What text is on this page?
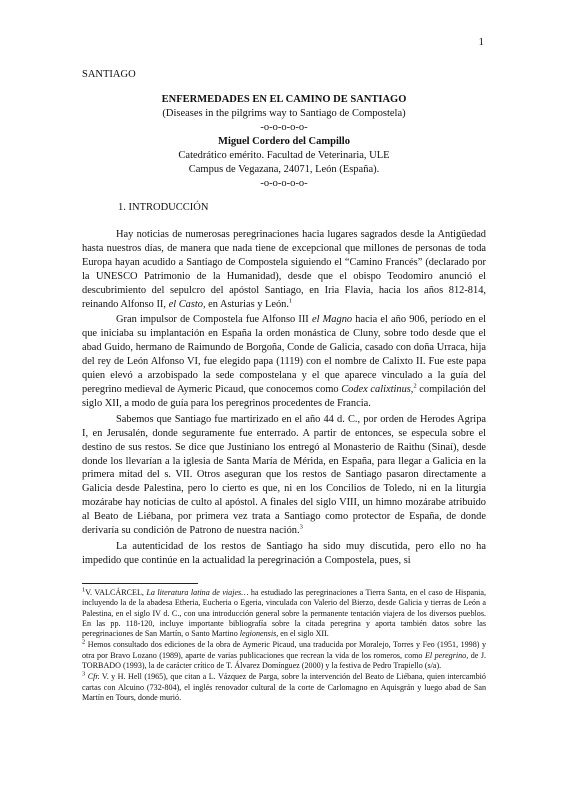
1
SANTIAGO
ENFERMEDADES EN EL CAMINO DE SANTIAGO
(Diseases in the pilgrims way to Santiago de Compostela)
-o-o-o-o-o-
Miguel Cordero del Campillo
Catedrático emérito. Facultad de Veterinaria, ULE
Campus de Vegazana, 24071, León (España).
-o-o-o-o-o-
1. INTRODUCCIÓN

Hay noticias de numerosas peregrinaciones hacia lugares sagrados desde la Antigüedad hasta nuestros días, de manera que nada tiene de excepcional que millones de personas de toda Europa hayan acudido a Santiago de Compostela siguiendo el “Camino Francés” (declarado por la UNESCO Patrimonio de la Humanidad), desde que el obispo Teodomiro anunció el descubrimiento del sepulcro del apóstol Santiago, en Iria Flavia, hacia los años 812-814, reinando Alfonso II, el Casto, en Asturias y León.$^1$

Gran impulsor de Compostela fue Alfonso III el Magno hacia el año 906, período en el que iniciaba su implantación en España la orden monástica de Cluny, sobre todo desde que el abad Guido, hermano de Raimundo de Borgoña, Conde de Galicia, casado con doña Urraca, hija del rey de León Alfonso VI, fue elegido papa (1119) con el nombre de Calixto II. Fue este papa quien elevó a arzobispado la sede compostelana y el que aparece vinculado a la guía del peregrino medieval de Aymeric Picaud, que conocemos como Codex calixtinus,$^2$ compilación del siglo XII, a modo de guía para los peregrinos procedentes de Francia.

Sabemos que Santiago fue martirizado en el año 44 d. C., por orden de Herodes Agripa I, en Jerusalén, donde seguramente fue enterrado. A partir de entonces, se especula sobre el destino de sus restos. Se dice que Justiniano los entregó al Monasterio de Raithu (Sinaí), desde donde los llevarían a la iglesia de Santa María de Mérida, en España, para llegar a Galicia en la primera mitad del s. VII. Otros aseguran que los restos de Santiago pasaron directamente a Galicia desde Palestina, pero lo cierto es que, ni en los Concilios de Toledo, ni en la liturgia mozárabe hay noticias de culto al apóstol. A finales del siglo VIII, un himno mozárabe atribuido al Beato de Liébana, por primera vez trata a Santiago como protector de España, de donde derivaría su condición de Patrono de nuestra nación.$^3$

La autenticidad de los restos de Santiago ha sido muy discutida, pero ello no ha impedido que continúe en la actualidad la peregrinación a Compostela, pues, si

$^1$V. VALCÁRCEL, La literatura latina de viajes… ha estudiado las peregrinaciones a Tierra Santa, en el caso de Hispania, incluyendo la de la abadesa Etheria, Eucheria o Egeria, vinculada con Valerio del Bierzo, desde Galicia y tierras de León a Palestina, en el siglo IV d. C., con una introducción general sobre la permanente tentación viajera de los diversos pueblos. En las pp. 118-120, incluye importante bibliografía sobre la citada peregrina y aporta también datos sobre las peregrinaciones de San Martín, o Santo Martino legionensis, en el siglo XII.

$^2$ Hemos consultado dos ediciones de la obra de Aymeric Picaud, una traducida por Moralejo, Torres y Feo (1951, 1998) y otra por Bravo Lozano (1989), aparte de varias publicaciones que recrean la vida de los romeros, como El peregrino, de J. TORBADO (1993), la de carácter crítico de T. Álvarez Domínguez (2000) y la festiva de Pedro Trapiello (s/a).

$^3$ Cfr. V. y H. Hell (1965), que citan a L. Vázquez de Parga, sobre la intervención del Beato de Liébana, quien intercambió cartas con Alcuino (732-804), el inglés renovador cultural de la corte de Carlomagno en Aquisgrán y luego abad de San Martín en Tours, donde murió.
